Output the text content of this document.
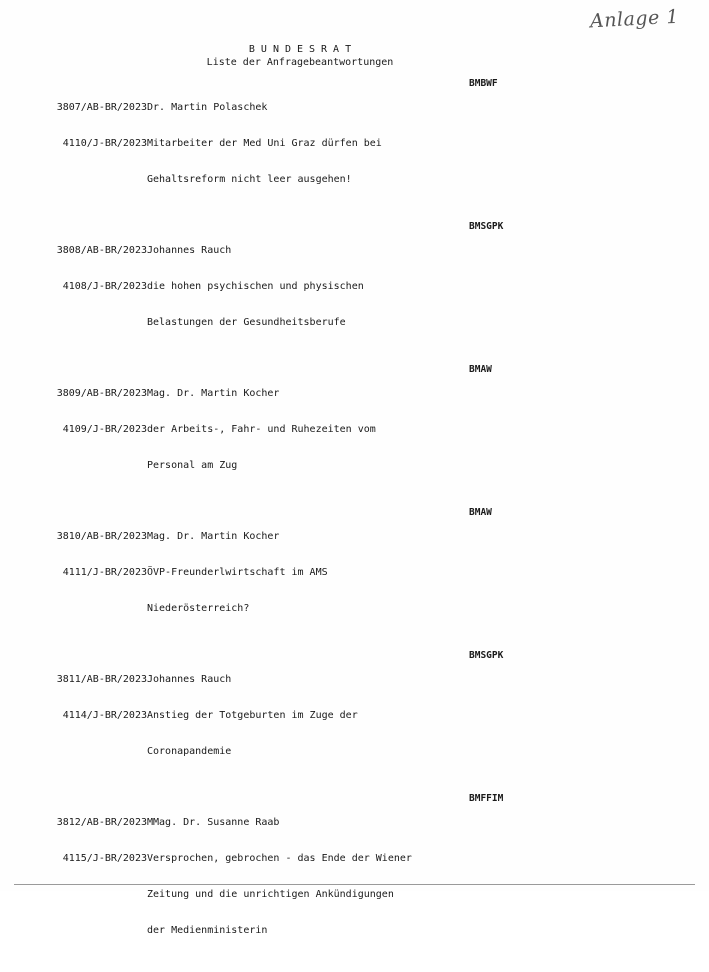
Anlage 1
BUNDESRAT
Liste der Anfragebeantwortungen

3807/AB-BR/2023

4110/J-BR/2023

Dr. Martin Polaschek

Mitarbeiter der Med Uni Graz dürfen bei

Gehaltsreform nicht leer ausgehen!

BMBWF

3808/AB-BR/2023

4108/J-BR/2023

Johannes Rauch

die hohen psychischen und physischen

Belastungen der Gesundheitsberufe

BMSGPK

3809/AB-BR/2023

4109/J-BR/2023

Mag. Dr. Martin Kocher

der Arbeits-, Fahr- und Ruhezeiten vom

Personal am Zug

BMAW

3810/AB-BR/2023

4111/J-BR/2023

Mag. Dr. Martin Kocher

ÖVP-Freunderlwirtschaft im AMS

Niederösterreich?

BMAW

3811/AB-BR/2023

4114/J-BR/2023

Johannes Rauch

Anstieg der Totgeburten im Zuge der

Coronapandemie

BMSGPK

3812/AB-BR/2023

4115/J-BR/2023

MMag. Dr. Susanne Raab

Versprochen, gebrochen - das Ende der Wiener

Zeitung und die unrichtigen Ankündigungen

der Medienministerin

BMFFIM
